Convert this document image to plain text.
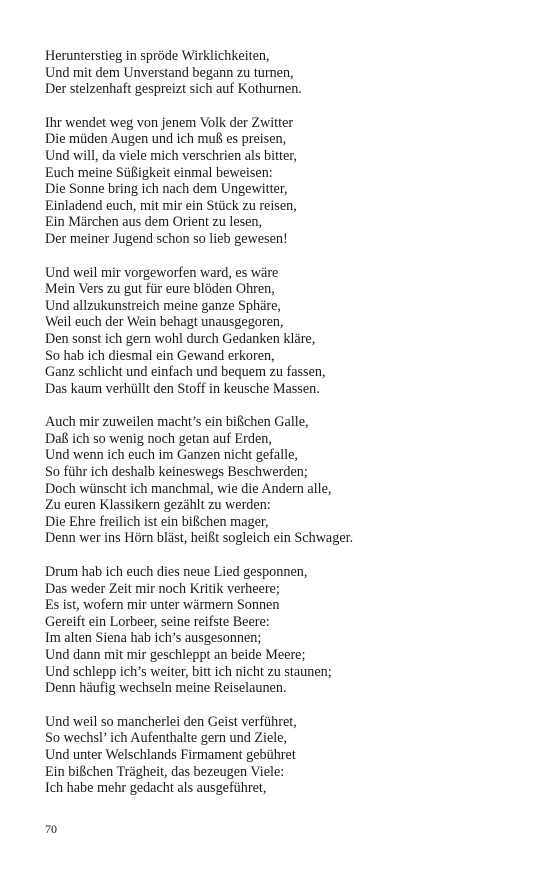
Herunterstieg in spröde Wirklichkeiten,
Und mit dem Unverstand begann zu turnen,
Der stelzenhaft gespreizt sich auf Kothurnen.
Ihr wendet weg von jenem Volk der Zwitter
Die müden Augen und ich muß es preisen,
Und will, da viele mich verschrien als bitter,
Euch meine Süßigkeit einmal beweisen:
Die Sonne bring ich nach dem Ungewitter,
Einladend euch, mit mir ein Stück zu reisen,
Ein Märchen aus dem Orient zu lesen,
Der meiner Jugend schon so lieb gewesen!
Und weil mir vorgeworfen ward, es wäre
Mein Vers zu gut für eure blöden Ohren,
Und allzukunstreich meine ganze Sphäre,
Weil euch der Wein behagt unausgegoren,
Den sonst ich gern wohl durch Gedanken kläre,
So hab ich diesmal ein Gewand erkoren,
Ganz schlicht und einfach und bequem zu fassen,
Das kaum verhüllt den Stoff in keusche Massen.
Auch mir zuweilen macht’s ein bißchen Galle,
Daß ich so wenig noch getan auf Erden,
Und wenn ich euch im Ganzen nicht gefalle,
So führ ich deshalb keineswegs Beschwerden;
Doch wünscht ich manchmal, wie die Andern alle,
Zu euren Klassikern gezählt zu werden:
Die Ehre freilich ist ein bißchen mager,
Denn wer ins Hörn bläst, heißt sogleich ein Schwager.
Drum hab ich euch dies neue Lied gesponnen,
Das weder Zeit mir noch Kritik verheere;
Es ist, wofern mir unter wärmern Sonnen
Gereift ein Lorbeer, seine reifste Beere:
Im alten Siena hab ich’s ausgesonnen;
Und dann mit mir geschleppt an beide Meere;
Und schlepp ich’s weiter, bitt ich nicht zu staunen;
Denn häufig wechseln meine Reiselaunen.
Und weil so mancherlei den Geist verführet,
So wechsl’ ich Aufenthalte gern und Ziele,
Und unter Welschlands Firmament gebühret
Ein bißchen Trägheit, das bezeugen Viele:
Ich habe mehr gedacht als ausgeführet,
70
